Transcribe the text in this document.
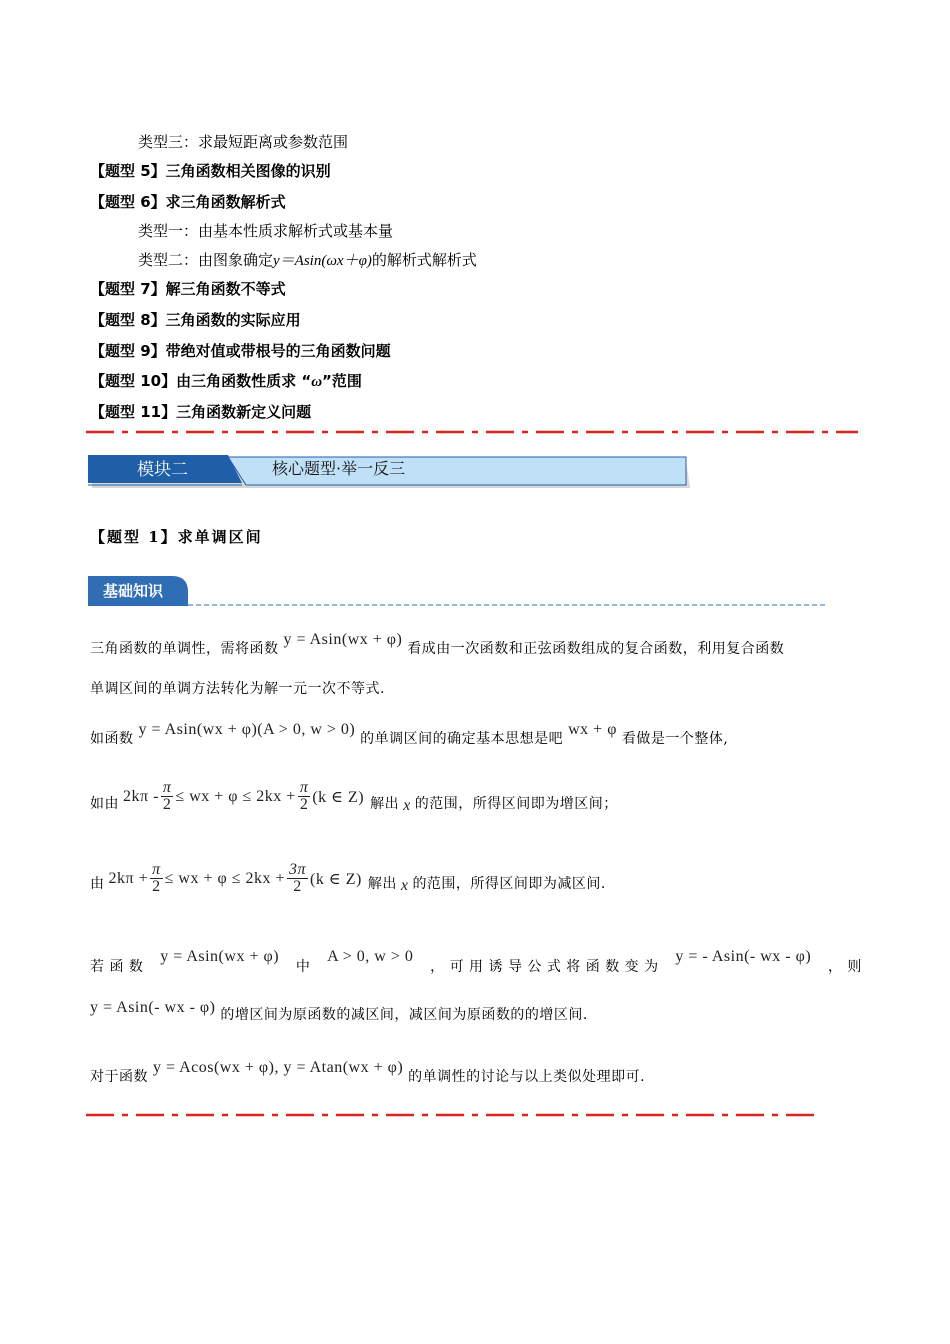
类型三：求最短距离或参数范围
【题型 5】三角函数相关图像的识别
【题型 6】求三角函数解析式
类型一：由基本性质求解析式或基本量
类型二：由图象确定y＝Asin(ωx＋φ)的解析式解析式
【题型 7】解三角函数不等式
【题型 8】三角函数的实际应用
【题型 9】带绝对值或带根号的三角函数问题
【题型 10】由三角函数性质求 “ω”范围
【题型 11】三角函数新定义问题
模块二	核心题型·举一反三
【题型 1】求单调区间
基础知识
三角函数的单调性，需将函数 y = Asin(wx + φ) 看成由一次函数和正弦函数组成的复合函数，利用复合函数
单调区间的单调方法转化为解一元一次不等式.
如函数 y = Asin(wx + φ)(A > 0, w > 0) 的单调区间的确定基本思想是吧 wx + φ 看做是一个整体,
如由 $2k\pi - \frac{\pi}{2}$ ≤ wx + $\varphi \le 2kx + \frac{\pi}{2} (k$ ∈ Z) 解出 x 的范围，所得区间即为增区间；
由 $2k\pi + \frac{\pi}{2}$ ≤ wx + $\varphi \le 2kx + \frac{3\pi}{2} (k$ ∈ Z) 解出 x 的范围，所得区间即为减区间.
若 函 数
y = Asin(wx + φ)
中
A > 0, w > 0
， 可 用 诱 导 公 式 将 函 数 变 为
y = - Asin(- wx - φ)
， 则
y = Asin(- wx - φ) 的增区间为原函数的减区间，减区间为原函数的的增区间.
对于函数 y = Acos(wx + φ), y = Atan(wx + φ) 的单调性的讨论与以上类似处理即可.
